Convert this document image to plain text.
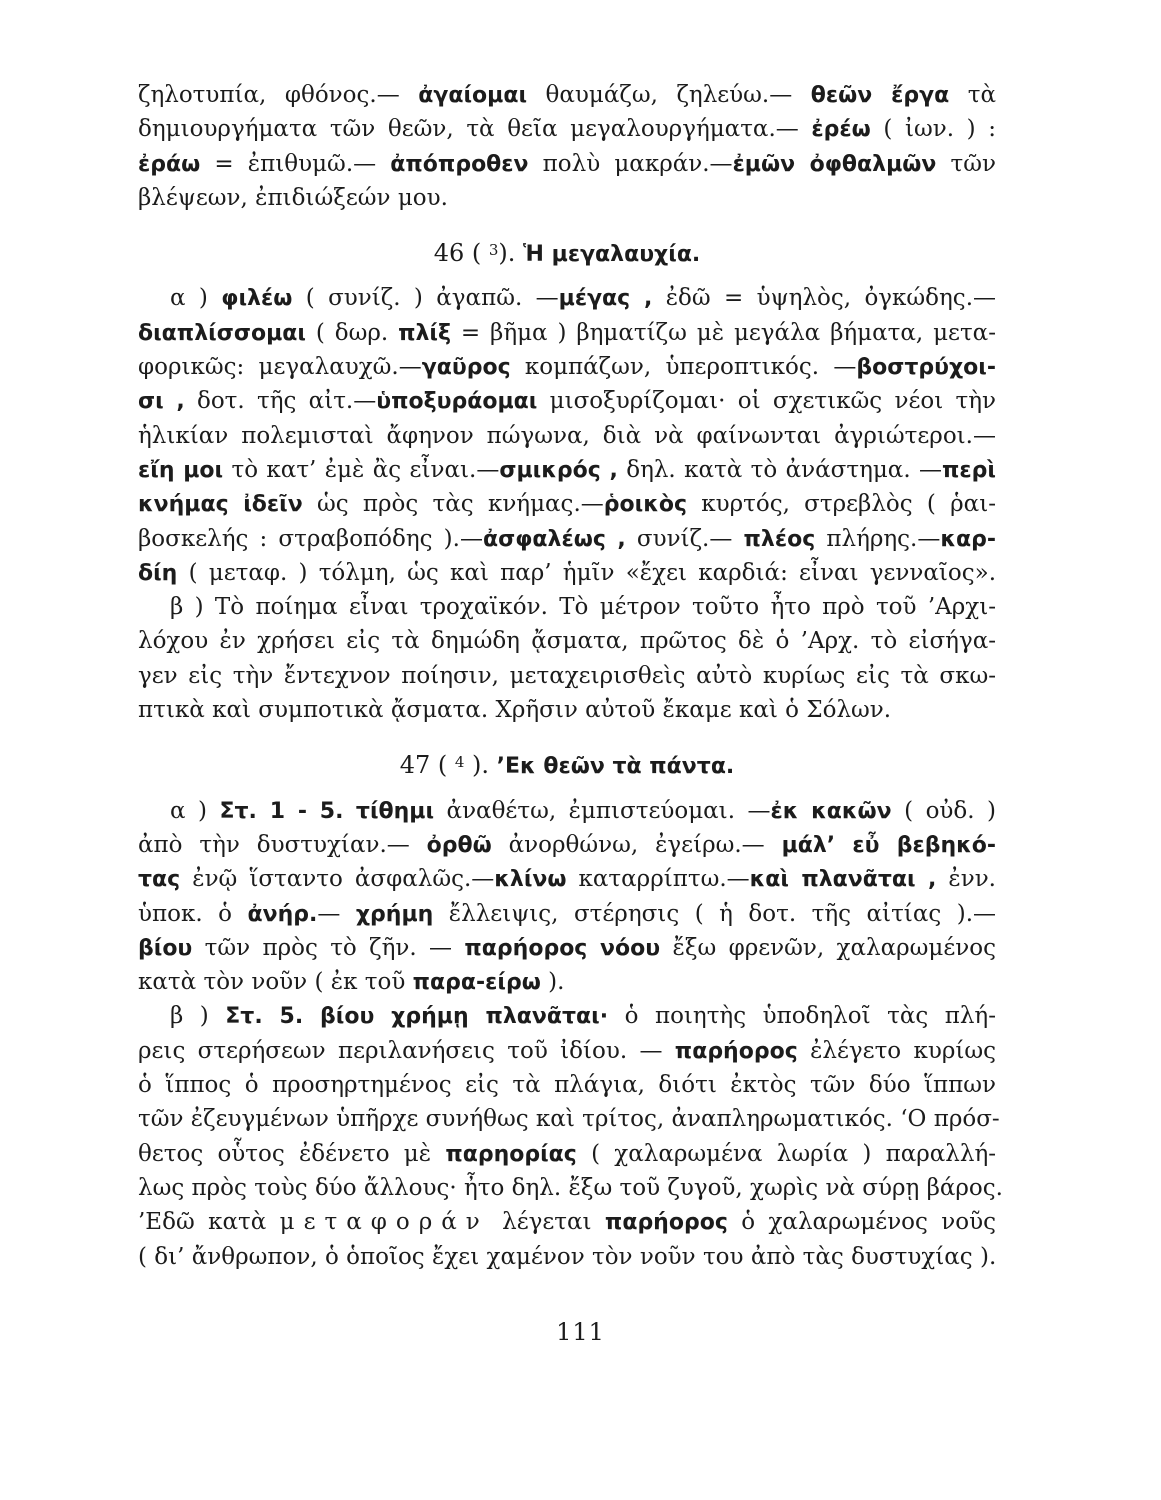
ζηλοτυπία, φθόνος.— ἀγαίομαι θαυμάζω, ζηλεύω.— θεῶν ἔργα τὰ
δημιουργήματα τῶν θεῶν, τὰ θεῖα μεγαλουργήματα.— ἐρέω ( ἰων. ) :
ἐράω = ἐπιθυμῶ.— ἀπόπροθεν πολὺ μακράν.—ἐμῶν ὀφθαλμῶν τῶν
βλέψεων, ἐπιδιώξεών μου.
46 ( $^3$). Ἡ μεγαλαυχία.
α ) φιλέω ( συνίζ. ) ἀγαπῶ. —μέγας , ἐδῶ = ὑψηλὸς, ὀγκώδης.—
διαπλίσσομαι ( δωρ. πλίξ = βῆμα ) βηματίζω μὲ μεγάλα βήματα, μετα-
φορικῶς: μεγαλαυχῶ.—γαῦρος κομπάζων, ὑπεροπτικός. —βοστρύχοι-
σι , δοτ. τῆς αἰτ.—ὑποξυράομαι μισοξυρίζομαι· οἱ σχετικῶς νέοι τὴν
ἡλικίαν πολεμισταὶ ἄφηνον πώγωνα, διὰ νὰ φαίνωνται ἀγριώτεροι.—
εἴη μοι τὸ κατ’ ἐμὲ ἂς εἶναι.—σμικρός , δηλ. κατὰ τὸ ἀνάστημα. —περὶ
κνήμας ἰδεῖν ὡς πρὸς τὰς κνήμας.—ῥοικὸς κυρτός, στρεβλὸς ( ῥαι-
βοσκελής : στραβοπόδης ).—ἀσφαλέως , συνίζ.— πλέος πλήρης.—καρ-
δίη ( μεταφ. ) τόλμη, ὡς καὶ παρ’ ἡμῖν «ἔχει καρδιά: εἶναι γενναῖος».
β ) Τὸ ποίημα εἶναι τροχαϊκόν. Τὸ μέτρον τοῦτο ἦτο πρὸ τοῦ ’Αρχι-
λόχου ἐν χρήσει εἰς τὰ δημώδη ᾄσματα, πρῶτος δὲ ὁ ’Αρχ. τὸ εἰσήγα-
γεν εἰς τὴν ἔντεχνον ποίησιν, μεταχειρισθεὶς αὐτὸ κυρίως εἰς τὰ σκω-
πτικὰ καὶ συμποτικὰ ᾄσματα. Χρῆσιν αὐτοῦ ἔκαμε καὶ ὁ Σόλων.
47 ( $^4$ ). ’Εκ θεῶν τὰ πάντα.
α ) Στ. 1 - 5. τίθημι ἀναθέτω, ἐμπιστεύομαι. —ἐκ κακῶν ( οὐδ. )
ἀπὸ τὴν δυστυχίαν.— ὀρθῶ ἀνορθώνω, ἐγείρω.— μάλ’ εὖ βεβηκό-
τας ἐνῷ ἵσταντο ἀσφαλῶς.—κλίνω καταρρίπτω.—καὶ πλανᾶται , ἐνν.
ὑποκ. ὁ ἀνήρ.— χρήμη ἔλλειψις, στέρησις ( ἡ δοτ. τῆς αἰτίας ).—
βίου τῶν πρὸς τὸ ζῆν. — παρήορος νόου ἔξω φρενῶν, χαλαρωμένος
κατὰ τὸν νοῦν ( ἐκ τοῦ παρα-είρω ).
β ) Στ. 5. βίου χρήμῃ πλανᾶται· ὁ ποιητὴς ὑποδηλοῖ τὰς πλή-
ρεις στερήσεων περιλανήσεις τοῦ ἰδίου. — παρήορος ἐλέγετο κυρίως
ὁ ἵππος ὁ προσηρτημένος εἰς τὰ πλάγια, διότι ἐκτὸς τῶν δύο ἵππων
τῶν ἐζευγμένων ὑπῆρχε συνήθως καὶ τρίτος, ἀναπληρωματικός. ‘Ο πρόσ-
θετος οὗτος ἐδένετο μὲ παρηορίας ( χαλαρωμένα λωρία ) παραλλή-
λως πρὸς τοὺς δύο ἄλλους· ἦτο δηλ. ἔξω τοῦ ζυγοῦ, χωρὶς νὰ σύρῃ βάρος.
’Εδῶ κατὰ μεταφοράν λέγεται παρήορος ὁ χαλαρωμένος νοῦς
( δι’ ἄνθρωπον, ὁ ὁποῖος ἔχει χαμένον τὸν νοῦν του ἀπὸ τὰς δυστυχίας ).
111
